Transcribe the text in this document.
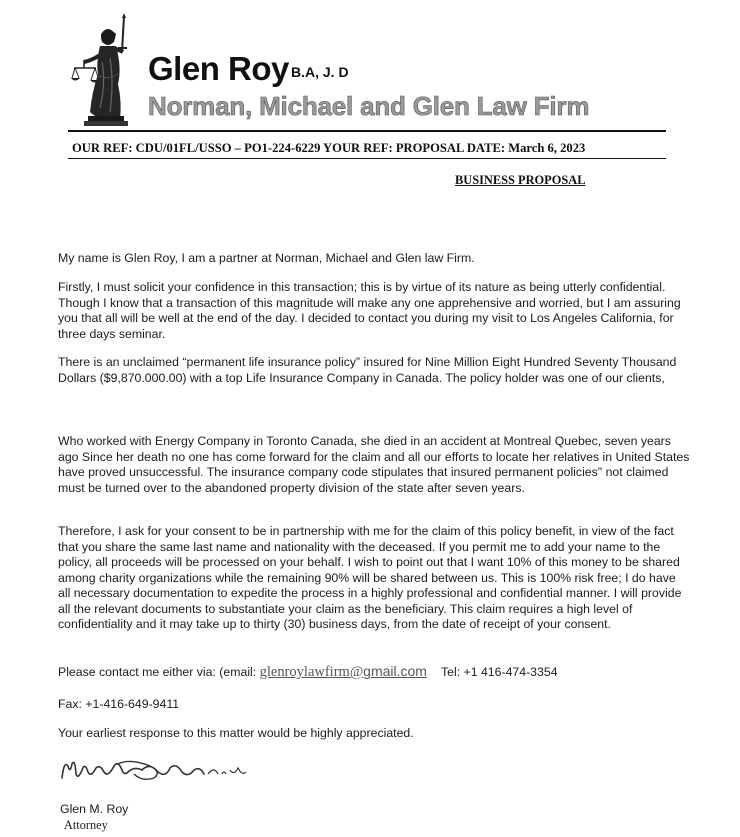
Glen Roy B.A, J. D
Norman, Michael and Glen Law Firm
OUR REF: CDU/01FL/USSO – PO1-224-6229 YOUR REF: PROPOSAL DATE: March 6, 2023
BUSINESS PROPOSAL

My name is Glen Roy, I am a partner at Norman, Michael and Glen law Firm.

Firstly, I must solicit your confidence in this transaction; this is by virtue of its nature as being utterly confidential. Though I know that a transaction of this magnitude will make any one apprehensive and worried, but I am assuring you that all will be well at the end of the day. I decided to contact you during my visit to Los Angeles California, for three days seminar.

There is an unclaimed “permanent life insurance policy” insured for Nine Million Eight Hundred Seventy Thousand Dollars ($9,870.000.00) with a top Life Insurance Company in Canada. The policy holder was one of our clients,

Who worked with Energy Company in Toronto Canada, she died in an accident at Montreal Quebec, seven years ago Since her death no one has come forward for the claim and all our efforts to locate her relatives in United States have proved unsuccessful. The insurance company code stipulates that insured permanent policies" not claimed must be turned over to the abandoned property division of the state after seven years.

Therefore, I ask for your consent to be in partnership with me for the claim of this policy benefit, in view of the fact that you share the same last name and nationality with the deceased. If you permit me to add your name to the policy, all proceeds will be processed on your behalf. I wish to point out that I want 10% of this money to be shared among charity organizations while the remaining 90% will be shared between us. This is 100% risk free; I do have all necessary documentation to expedite the process in a highly professional and confidential manner. I will provide all the relevant documents to substantiate your claim as the beneficiary. This claim requires a high level of confidentiality and it may take up to thirty (30) business days, from the date of receipt of your consent.

Please contact me either via: (email: glenroylawfirm@gmail.com Tel: +1 416-474-3354
Fax: +1-416-649-9411
Your earliest response to this matter would be highly appreciated.
Glen M. Roy
Attorney
